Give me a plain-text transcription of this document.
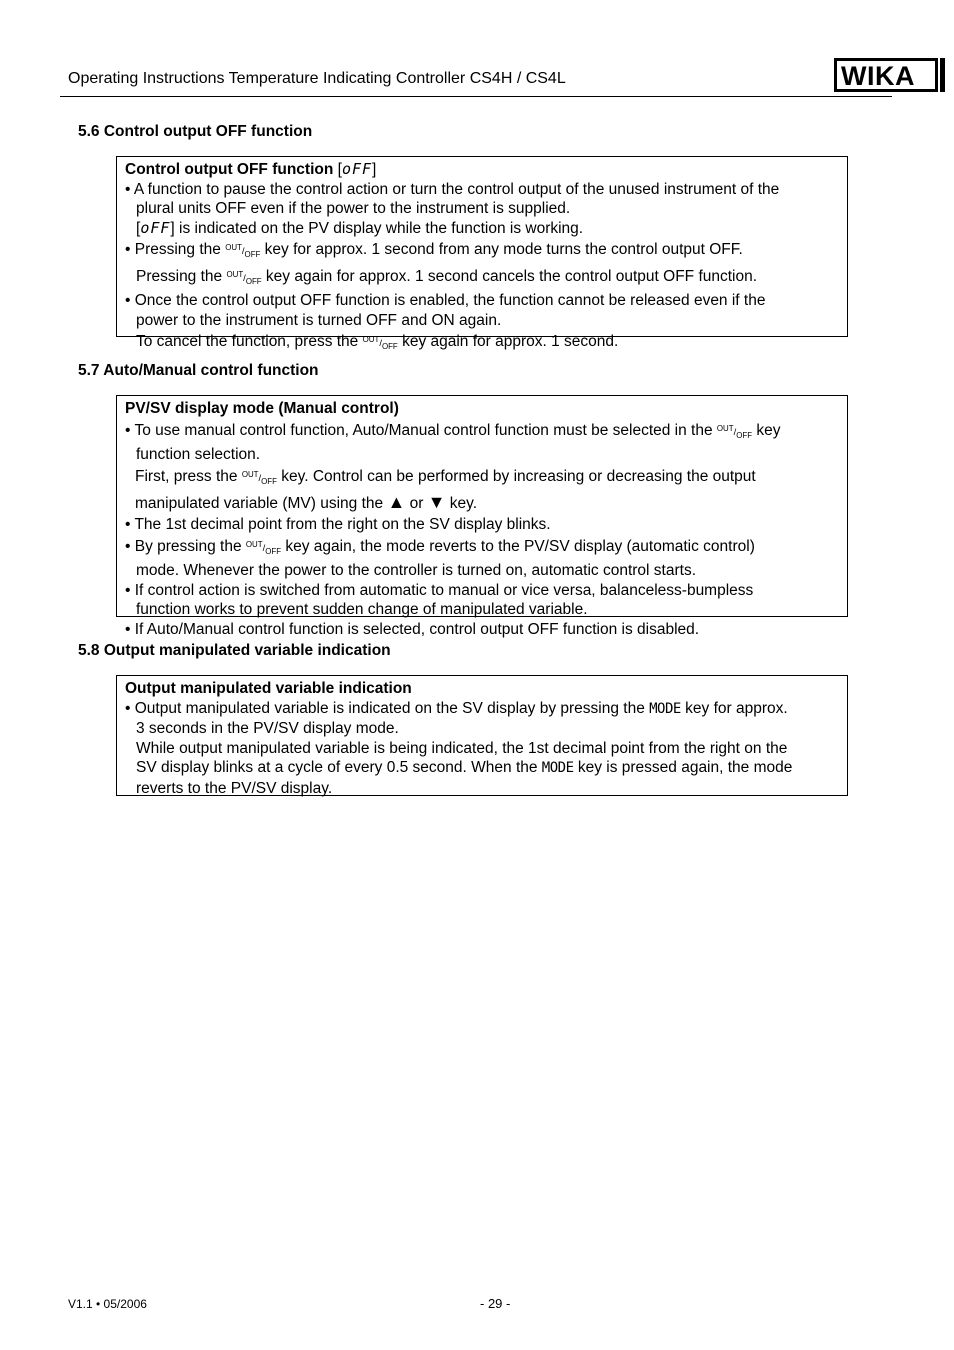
Operating Instructions Temperature Indicating Controller CS4H / CS4L	WIKA
5.6 Control output OFF function
Control output OFF function [oFF]
• A function to pause the control action or turn the control output of the unused instrument of the
plural units OFF even if the power to the instrument is supplied.
[oFF] is indicated on the PV display while the function is working.
• Pressing the $^{OUT}/_{OFF}$ key for approx. 1 second from any mode turns the control output OFF.
Pressing the $^{OUT}/_{OFF}$ key again for approx. 1 second cancels the control output OFF function.
• Once the control output OFF function is enabled, the function cannot be released even if the
power to the instrument is turned OFF and ON again.
To cancel the function, press the $^{OUT}/_{OFF}$ key again for approx. 1 second.
5.7 Auto/Manual control function
PV/SV display mode (Manual control)
• To use manual control function, Auto/Manual control function must be selected in the $^{OUT}/_{OFF}$ key
function selection.
First, press the $^{OUT}/_{OFF}$ key. Control can be performed by increasing or decreasing the output
manipulated variable (MV) using the ▲ or ▼ key.
• The 1st decimal point from the right on the SV display blinks.
• By pressing the $^{OUT}/_{OFF}$ key again, the mode reverts to the PV/SV display (automatic control)
mode. Whenever the power to the controller is turned on, automatic control starts.
• If control action is switched from automatic to manual or vice versa, balanceless-bumpless
function works to prevent sudden change of manipulated variable.
• If Auto/Manual control function is selected, control output OFF function is disabled.
5.8 Output manipulated variable indication
Output manipulated variable indication
• Output manipulated variable is indicated on the SV display by pressing the MODE key for approx.
3 seconds in the PV/SV display mode.
While output manipulated variable is being indicated, the 1st decimal point from the right on the
SV display blinks at a cycle of every 0.5 second. When the MODE key is pressed again, the mode
reverts to the PV/SV display.
V1.1 • 05/2006	- 29 -
